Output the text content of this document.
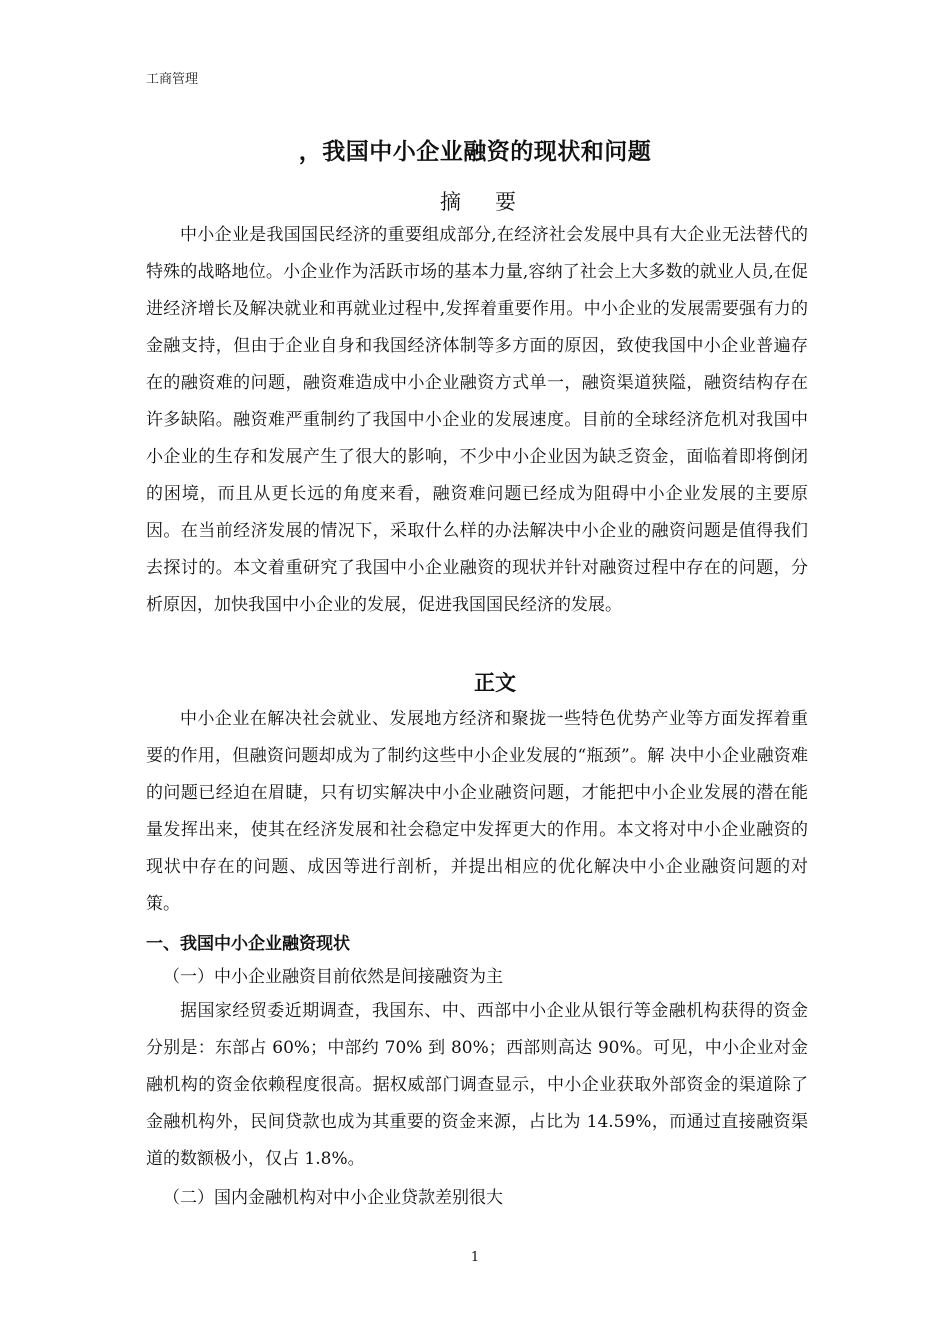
工商管理
，我国中小企业融资的现状和问题
摘要

中小企业是我国国民经济的重要组成部分,在经济社会发展中具有大企业无法替代的特殊的战略地位。小企业作为活跃市场的基本力量,容纳了社会上大多数的就业人员,在促进经济增长及解决就业和再就业过程中,发挥着重要作用。中小企业的发展需要强有力的金融支持，但由于企业自身和我国经济体制等多方面的原因，致使我国中小企业普遍存在的融资难的问题，融资难造成中小企业融资方式单一，融资渠道狭隘，融资结构存在许多缺陷。融资难严重制约了我国中小企业的发展速度。目前的全球经济危机对我国中小企业的生存和发展产生了很大的影响，不少中小企业因为缺乏资金，面临着即将倒闭的困境，而且从更长远的角度来看，融资难问题已经成为阻碍中小企业发展的主要原因。在当前经济发展的情况下，采取什么样的办法解决中小企业的融资问题是值得我们去探讨的。本文着重研究了我国中小企业融资的现状并针对融资过程中存在的问题，分析原因，加快我国中小企业的发展，促进我国国民经济的发展。

正文

中小企业在解决社会就业、发展地方经济和聚拢一些特色优势产业等方面发挥着重要的作用，但融资问题却成为了制约这些中小企业发展的“瓶颈”。解 决中小企业融资难的问题已经迫在眉睫，只有切实解决中小企业融资问题，才能把中小企业发展的潜在能量发挥出来，使其在经济发展和社会稳定中发挥更大的作用。本文将对中小企业融资的现状中存在的问题、成因等进行剖析，并提出相应的优化解决中小企业融资问题的对策。

一、我国中小企业融资现状
（一）中小企业融资目前依然是间接融资为主

据国家经贸委近期调查，我国东、中、西部中小企业从银行等金融机构获得的资金分别是：东部占 60%；中部约 70% 到 80%；西部则高达 90%。可见，中小企业对金融机构的资金依赖程度很高。据权威部门调查显示，中小企业获取外部资金的渠道除了金融机构外，民间贷款也成为其重要的资金来源，占比为 14.59%，而通过直接融资渠道的数额极小，仅占 1.8%。

（二）国内金融机构对中小企业贷款差别很大
1
